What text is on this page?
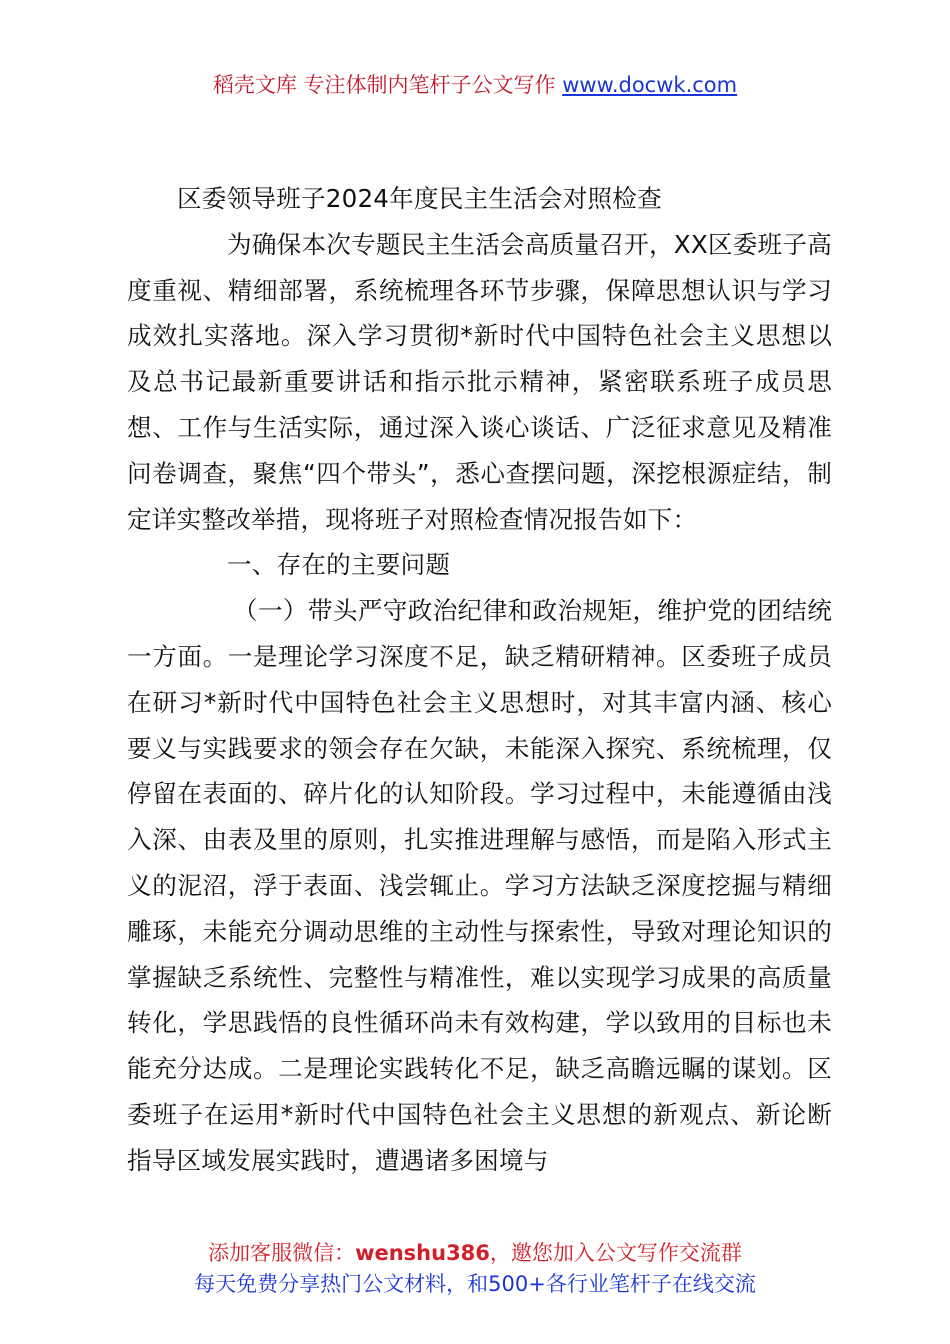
稻壳文库 专注体制内笔杆子公文写作 www.docwk.com

区委领导班子2024年度民主生活会对照检查

为确保本次专题民主生活会高质量召开，XX区委班子高度重视、精细部署，系统梳理各环节步骤，保障思想认识与学习成效扎实落地。深入学习贯彻*新时代中国特色社会主义思想以及总书记最新重要讲话和指示批示精神，紧密联系班子成员思想、工作与生活实际，通过深入谈心谈话、广泛征求意见及精准问卷调查，聚焦“四个带头”，悉心查摆问题，深挖根源症结，制定详实整改举措，现将班子对照检查情况报告如下：

一、存在的主要问题

（一）带头严守政治纪律和政治规矩，维护党的团结统一方面。一是理论学习深度不足，缺乏精研精神。区委班子成员在研习*新时代中国特色社会主义思想时，对其丰富内涵、核心要义与实践要求的领会存在欠缺，未能深入探究、系统梳理，仅停留在表面的、碎片化的认知阶段。学习过程中，未能遵循由浅入深、由表及里的原则，扎实推进理解与感悟，而是陷入形式主义的泥沼，浮于表面、浅尝辄止。学习方法缺乏深度挖掘与精细雕琢，未能充分调动思维的主动性与探索性，导致对理论知识的掌握缺乏系统性、完整性与精准性，难以实现学习成果的高质量转化，学思践悟的良性循环尚未有效构建，学以致用的目标也未能充分达成。二是理论实践转化不足，缺乏高瞻远瞩的谋划。区委班子在运用*新时代中国特色社会主义思想的新观点、新论断指导区域发展实践时，遭遇诸多困境与

添加客服微信：wenshu386，邀您加入公文写作交流群
每天免费分享热门公文材料，和500+各行业笔杆子在线交流
